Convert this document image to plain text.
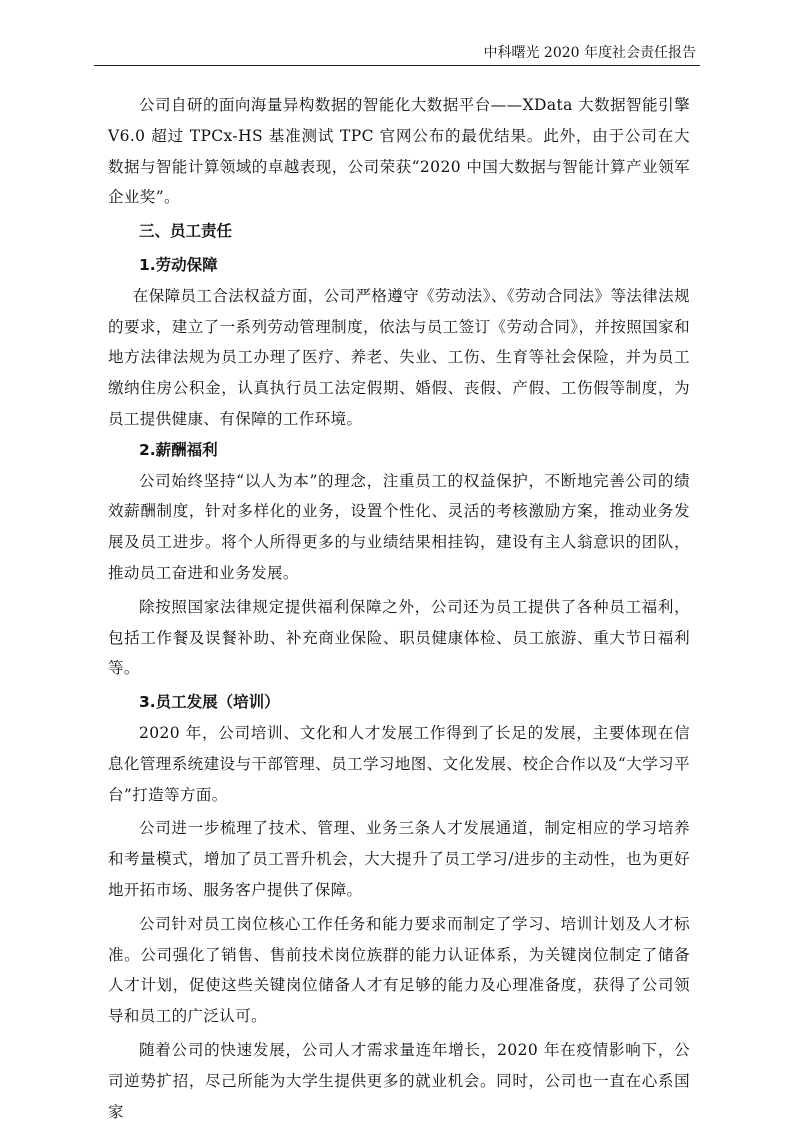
中科曙光 2020 年度社会责任报告

公司自研的面向海量异构数据的智能化大数据平台——XData 大数据智能引擎 V6.0 超过 TPCx-HS 基准测试 TPC 官网公布的最优结果。此外，由于公司在大数据与智能计算领域的卓越表现，公司荣获“2020 中国大数据与智能计算产业领军企业奖”。

三、员工责任
1.劳动保障

在保障员工合法权益方面，公司严格遵守《劳动法》、《劳动合同法》等法律法规的要求，建立了一系列劳动管理制度，依法与员工签订《劳动合同》，并按照国家和地方法律法规为员工办理了医疗、养老、失业、工伤、生育等社会保险，并为员工缴纳住房公积金，认真执行员工法定假期、婚假、丧假、产假、工伤假等制度，为员工提供健康、有保障的工作环境。

2.薪酬福利

公司始终坚持“以人为本”的理念，注重员工的权益保护，不断地完善公司的绩效薪酬制度，针对多样化的业务，设置个性化、灵活的考核激励方案，推动业务发展及员工进步。将个人所得更多的与业绩结果相挂钩，建设有主人翁意识的团队，推动员工奋进和业务发展。

除按照国家法律规定提供福利保障之外，公司还为员工提供了各种员工福利，包括工作餐及误餐补助、补充商业保险、职员健康体检、员工旅游、重大节日福利等。

3.员工发展（培训）

2020 年，公司培训、文化和人才发展工作得到了长足的发展，主要体现在信息化管理系统建设与干部管理、员工学习地图、文化发展、校企合作以及“大学习平台”打造等方面。

公司进一步梳理了技术、管理、业务三条人才发展通道，制定相应的学习培养和考量模式，增加了员工晋升机会，大大提升了员工学习/进步的主动性，也为更好地开拓市场、服务客户提供了保障。

公司针对员工岗位核心工作任务和能力要求而制定了学习、培训计划及人才标准。公司强化了销售、售前技术岗位族群的能力认证体系，为关键岗位制定了储备人才计划，促使这些关键岗位储备人才有足够的能力及心理准备度，获得了公司领导和员工的广泛认可。

随着公司的快速发展，公司人才需求量连年增长，2020 年在疫情影响下，公司逆势扩招，尽己所能为大学生提供更多的就业机会。同时，公司也一直在心系国家
